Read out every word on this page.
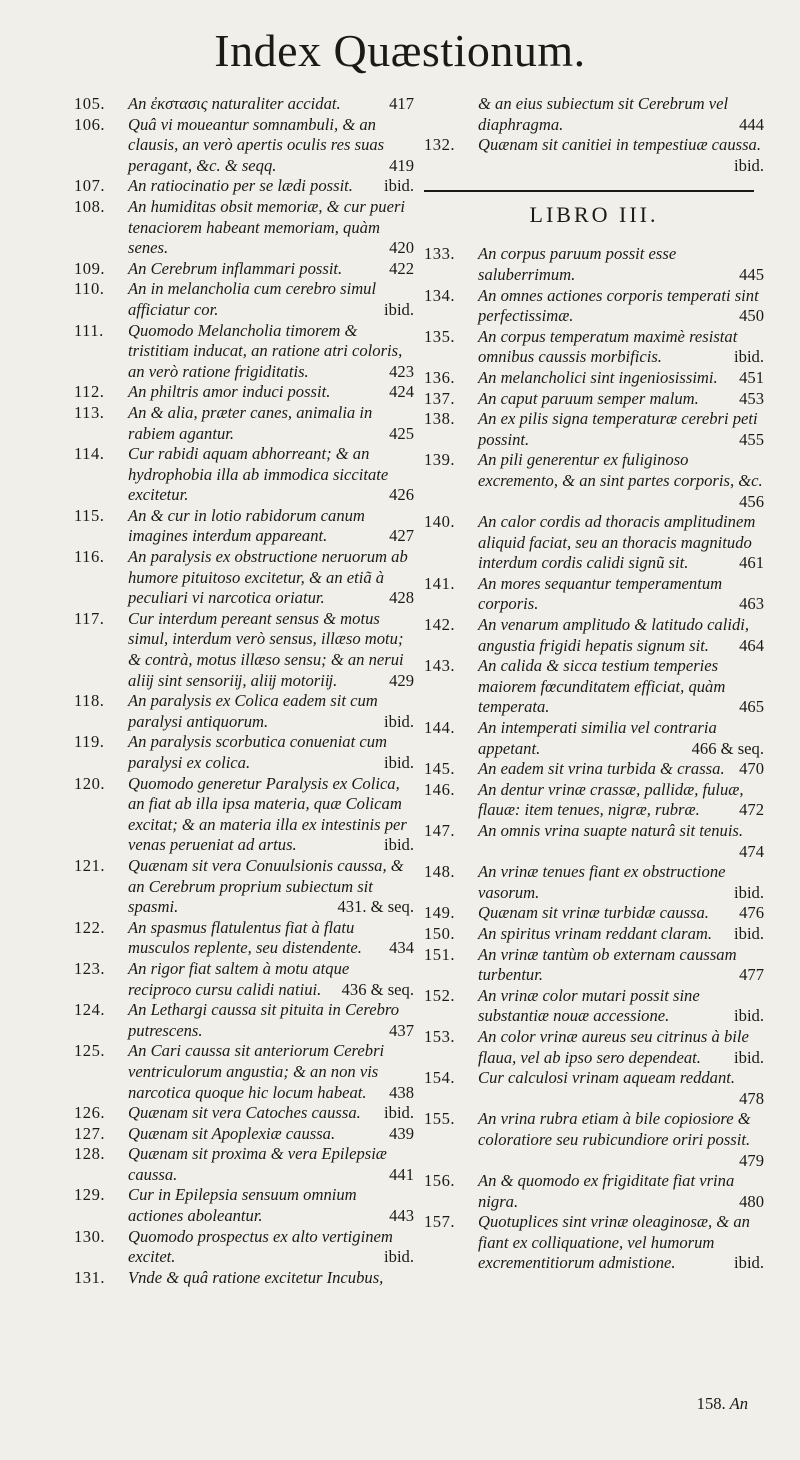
Index Quæstionum.
105.	An ἐκστασις naturaliter accidat.	417
106.	Quâ vi moueantur somnambuli, & an clausis, an verò apertis oculis res suas peragant, &c. & seqq.	419
107.	An ratiocinatio per se lædi possit.	ibid.
108.	An humiditas obsit memoriæ, & cur pueri tenaciorem habeant memoriam, quàm senes.	420
109.	An Cerebrum inflammari possit.	422
110.	An in melancholia cum cerebro simul afficiatur cor.	ibid.
111.	Quomodo Melancholia timorem & tristitiam inducat, an ratione atri coloris, an verò ratione frigiditatis.	423
112.	An philtris amor induci possit.	424
113.	An & alia, præter canes, animalia in rabiem agantur.	425
114.	Cur rabidi aquam abhorreant; & an hydrophobia illa ab immodica siccitate excitetur.	426
115.	An & cur in lotio rabidorum canum imagines interdum appareant.	427
116.	An paralysis ex obstructione neruorum ab humore pituitoso excitetur, & an etiã à peculiari vi narcotica oriatur.	428
117.	Cur interdum pereant sensus & motus simul, interdum verò sensus, illæso motu; & contrà, motus illæso sensu; & an nerui aliĳ sint sensoriĳ, aliĳ motoriĳ.	429
118.	An paralysis ex Colica eadem sit cum paralysi antiquorum.	ibid.
119.	An paralysis scorbutica conueniat cum paralysi ex colica.	ibid.
120.	Quomodo generetur Paralysis ex Colica, an fiat ab illa ipsa materia, quæ Colicam excitat; & an materia illa ex intestinis per venas perueniat ad artus.	ibid.
121.	Quænam sit vera Conuulsionis caussa, & an Cerebrum proprium subiectum sit spasmi.	431. & seq.
122.	An spasmus flatulentus fiat à flatu musculos replente, seu distendente.	434
123.	An rigor fiat saltem à motu atque reciproco cursu calidi natiui.	436 & seq.
124.	An Lethargi caussa sit pituita in Cerebro putrescens.	437
125.	An Cari caussa sit anteriorum Cerebri ventriculorum angustia; & an non vis narcotica quoque hic locum habeat.	438
126.	Quænam sit vera Catoches caussa.	ibid.
127.	Quænam sit Apoplexiæ caussa.	439
128.	Quænam sit proxima & vera Epilepsiæ caussa.	441
129.	Cur in Epilepsia sensuum omnium actiones aboleantur.	443
130.	Quomodo prospectus ex alto vertiginem excitet.	ibid.
131.	Vnde & quâ ratione excitetur Incubus,
& an eius subiectum sit Cerebrum vel diaphragma.	444
132.	Quænam sit canitiei in tempestiuæ caussa.
ibid.
LIBRO III.
133.	An corpus paruum possit esse saluberrimum.	445
134.	An omnes actiones corporis temperati sint perfectissimæ.	450
135.	An corpus temperatum maximè resistat omnibus caussis morbificis.	ibid.
136.	An melancholici sint ingeniosissimi.	451
137.	An caput paruum semper malum.	453
138.	An ex pilis signa temperaturæ cerebri peti possint.	455
139.	An pili generentur ex fuliginoso excremento, & an sint partes corporis, &c.
456
140.	An calor cordis ad thoracis amplitudinem aliquid faciat, seu an thoracis magnitudo interdum cordis calidi signũ sit.	461
141.	An mores sequantur temperamentum corporis.	463
142.	An venarum amplitudo & latitudo calidi, angustia frigidi hepatis signum sit.	464
143.	An calida & sicca testium temperies maiorem fœcunditatem efficiat, quàm temperata.	465
144.	An intemperati similia vel contraria appetant.	466 & seq.
145.	An eadem sit vrina turbida & crassa. 470
146.	An dentur vrinæ crassæ, pallidæ, fuluæ, flauæ: item tenues, nigræ, rubræ.	472
147.	An omnis vrina suapte naturâ sit tenuis.
474
148.	An vrinæ tenues fiant ex obstructione vasorum.	ibid.
149.	Quænam sit vrinæ turbidæ caussa.	476
150.	An spiritus vrinam reddant claram.	ibid.
151.	An vrinæ tantùm ob externam caussam turbentur.	477
152.	An vrinæ color mutari possit sine substantiæ nouæ accessione.	ibid.
153.	An color vrinæ aureus seu citrinus à bile flaua, vel ab ipso sero dependeat.	ibid.
154.	Cur calculosi vrinam aqueam reddant.
478
155.	An vrina rubra etiam à bile copiosiore & coloratiore seu rubicundiore oriri possit.
479
156.	An & quomodo ex frigiditate fiat vrina nigra.	480
157.	Quotuplices sint vrinæ oleaginosæ, & an fiant ex colliquatione, vel humorum excrementitiorum admistione.	ibid.
158. An
